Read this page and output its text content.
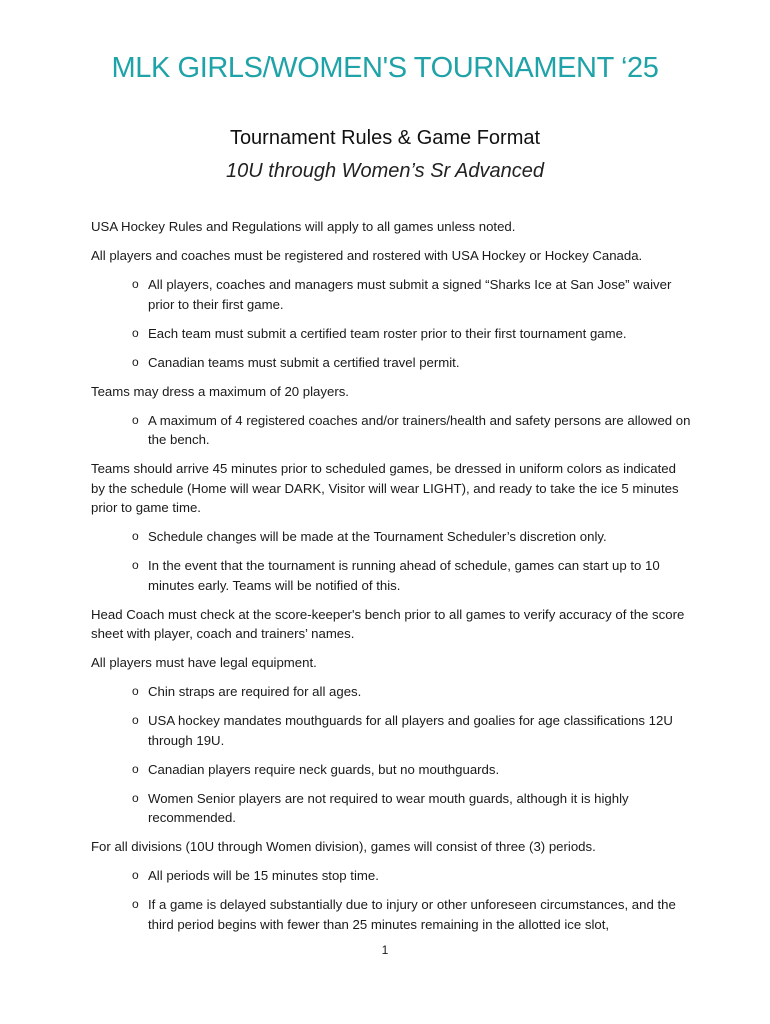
MLK GIRLS/WOMEN'S TOURNAMENT ‘25
Tournament Rules & Game Format
10U through Women’s Sr Advanced
USA Hockey Rules and Regulations will apply to all games unless noted.
All players and coaches must be registered and rostered with USA Hockey or Hockey Canada.
o All players, coaches and managers must submit a signed “Sharks Ice at San Jose” waiver prior to their first game.
o Each team must submit a certified team roster prior to their first tournament game.
o Canadian teams must submit a certified travel permit.
Teams may dress a maximum of 20 players.
o A maximum of 4 registered coaches and/or trainers/health and safety persons are allowed on the bench.
Teams should arrive 45 minutes prior to scheduled games, be dressed in uniform colors as indicated by the schedule (Home will wear DARK, Visitor will wear LIGHT), and ready to take the ice 5 minutes prior to game time.
o Schedule changes will be made at the Tournament Scheduler’s discretion only.
o In the event that the tournament is running ahead of schedule, games can start up to 10 minutes early. Teams will be notified of this.
Head Coach must check at the score-keeper's bench prior to all games to verify accuracy of the score sheet with player, coach and trainers’ names.
All players must have legal equipment.
o Chin straps are required for all ages.
o USA hockey mandates mouthguards for all players and goalies for age classifications 12U through 19U.
o Canadian players require neck guards, but no mouthguards.
o Women Senior players are not required to wear mouth guards, although it is highly recommended.
For all divisions (10U through Women division), games will consist of three (3) periods.
o All periods will be 15 minutes stop time.
o If a game is delayed substantially due to injury or other unforeseen circumstances, and the third period begins with fewer than 25 minutes remaining in the allotted ice slot,
1
